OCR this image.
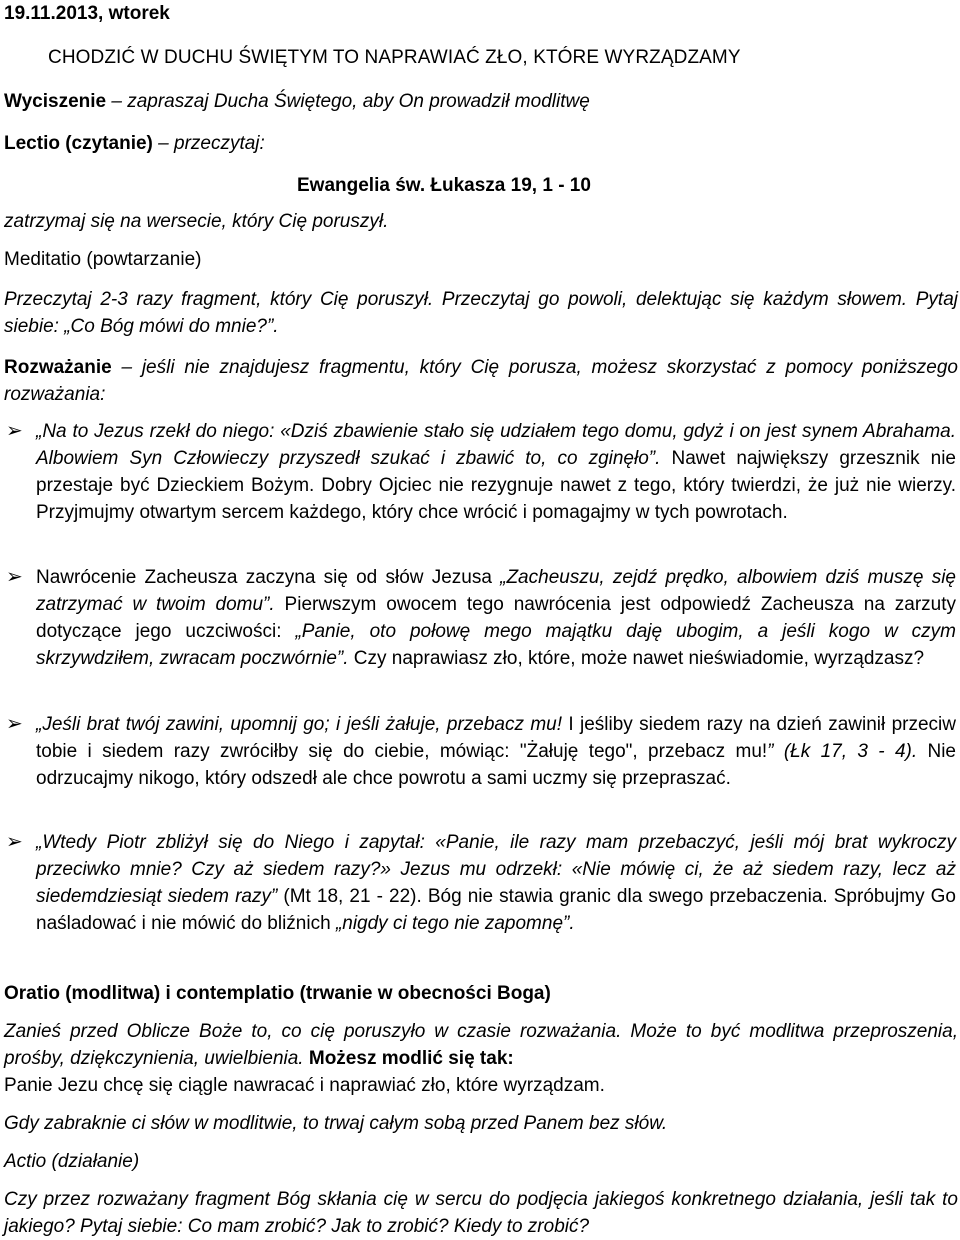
19.11.2013, wtorek

CHODZIĆ W DUCHU ŚWIĘTYM TO NAPRAWIAĆ ZŁO, KTÓRE WYRZĄDZAMY

Wyciszenie – zapraszaj Ducha Świętego, aby On prowadził modlitwę

Lectio (czytanie) – przeczytaj:

Ewangelia św. Łukasza 19, 1 - 10

zatrzymaj się na wersecie, który Cię poruszył.

Meditatio (powtarzanie)

Przeczytaj 2-3 razy fragment, który Cię poruszył. Przeczytaj go powoli, delektując się każdym słowem. Pytaj siebie: „Co Bóg mówi do mnie?”.

Rozważanie – jeśli nie znajdujesz fragmentu, który Cię porusza, możesz skorzystać z pomocy poniższego rozważania:

➢ „Na to Jezus rzekł do niego: «Dziś zbawienie stało się udziałem tego domu, gdyż i on jest synem Abrahama. Albowiem Syn Człowieczy przyszedł szukać i zbawić to, co zginęło”. Nawet największy grzesznik nie przestaje być Dzieckiem Bożym. Dobry Ojciec nie rezygnuje nawet z tego, który twierdzi, że już nie wierzy. Przyjmujmy otwartym sercem każdego, który chce wrócić i pomagajmy w tych powrotach.
➢ Nawrócenie Zacheusza zaczyna się od słów Jezusa „Zacheuszu, zejdź prędko, albowiem dziś muszę się zatrzymać w twoim domu”. Pierwszym owocem tego nawrócenia jest odpowiedź Zacheusza na zarzuty dotyczące jego uczciwości: „Panie, oto połowę mego majątku daję ubogim, a jeśli kogo w czym skrzywdziłem, zwracam poczwórnie”. Czy naprawiasz zło, które, może nawet nieświadomie, wyrządzasz?
➢ „Jeśli brat twój zawini, upomnij go; i jeśli żałuje, przebacz mu! I jeśliby siedem razy na dzień zawinił przeciw tobie i siedem razy zwróciłby się do ciebie, mówiąc: "Żałuję tego", przebacz mu!” (Łk 17, 3 - 4). Nie odrzucajmy nikogo, który odszedł ale chce powrotu a sami uczmy się przepraszać.
➢ „Wtedy Piotr zbliżył się do Niego i zapytał: «Panie, ile razy mam przebaczyć, jeśli mój brat wykroczy przeciwko mnie? Czy aż siedem razy?» Jezus mu odrzekł: «Nie mówię ci, że aż siedem razy, lecz aż siedemdziesiąt siedem razy” (Mt 18, 21 - 22). Bóg nie stawia granic dla swego przebaczenia. Spróbujmy Go naśladować i nie mówić do bliźnich „nigdy ci tego nie zapomnę”.

Oratio (modlitwa) i contemplatio (trwanie w obecności Boga)

Zanieś przed Oblicze Boże to, co cię poruszyło w czasie rozważania. Może to być modlitwa przeproszenia, prośby, dziękczynienia, uwielbienia. Możesz modlić się tak:

Panie Jezu chcę się ciągle nawracać i naprawiać zło, które wyrządzam.

Gdy zabraknie ci słów w modlitwie, to trwaj całym sobą przed Panem bez słów.

Actio (działanie)

Czy przez rozważany fragment Bóg skłania cię w sercu do podjęcia jakiegoś konkretnego działania, jeśli tak to jakiego? Pytaj siebie: Co mam zrobić? Jak to zrobić? Kiedy to zrobić?
